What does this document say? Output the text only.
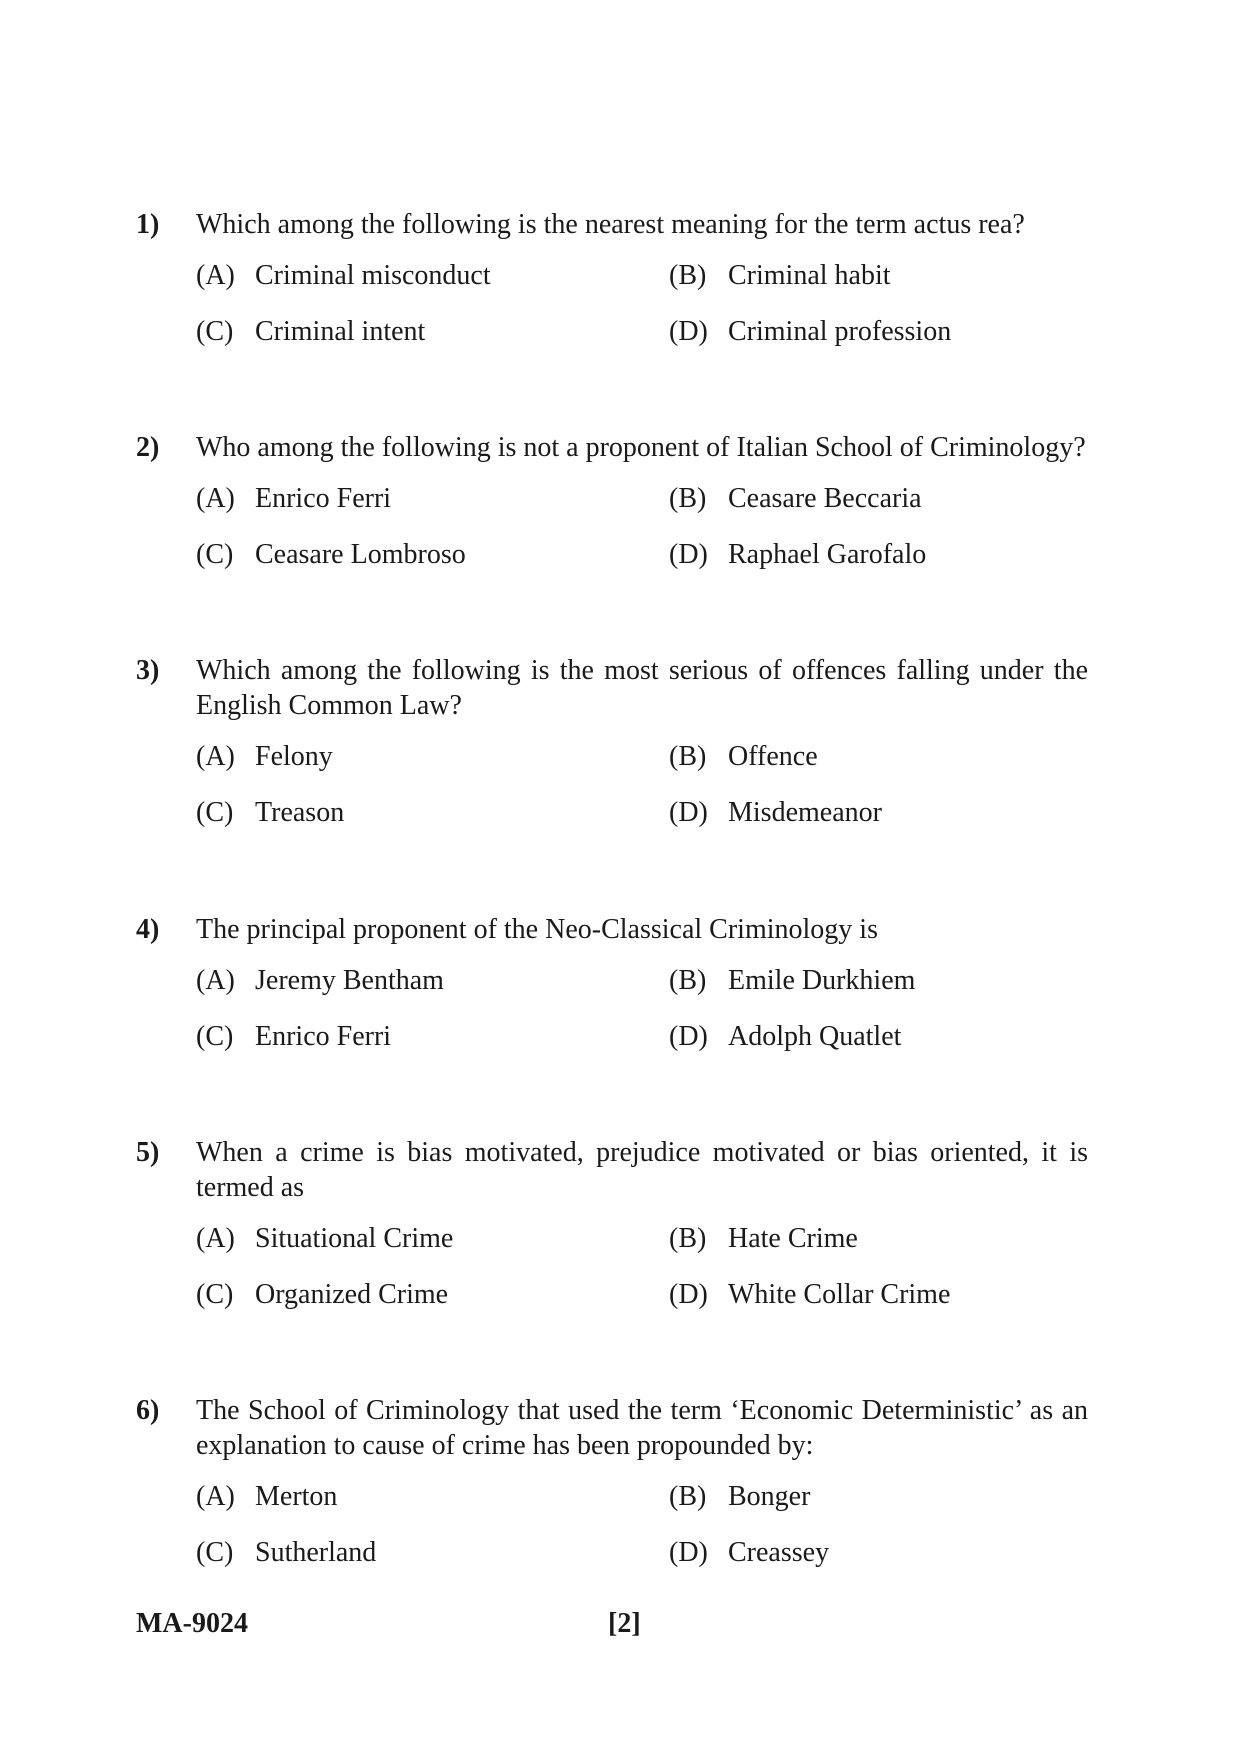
1)	Which among the following is the nearest meaning for the term actus rea?
(A) Criminal misconduct	(B) Criminal habit
(C) Criminal intent	(D) Criminal profession
2)	Who among the following is not a proponent of Italian School of Criminology?
(A) Enrico Ferri	(B) Ceasare Beccaria
(C) Ceasare Lombroso	(D) Raphael Garofalo
3)	Which among the following is the most serious of offences falling under the English Common Law?
(A) Felony	(B) Offence
(C) Treason	(D) Misdemeanor
4)	The principal proponent of the Neo-Classical Criminology is
(A) Jeremy Bentham	(B) Emile Durkhiem
(C) Enrico Ferri	(D) Adolph Quatlet
5)	When a crime is bias motivated, prejudice motivated or bias oriented, it is termed as
(A) Situational Crime	(B) Hate Crime
(C) Organized Crime	(D) White Collar Crime
6)	The School of Criminology that used the term ‘Economic Deterministic’ as an explanation to cause of crime has been propounded by:
(A) Merton	(B) Bonger
(C) Sutherland	(D) Creassey
MA-9024	[2]
